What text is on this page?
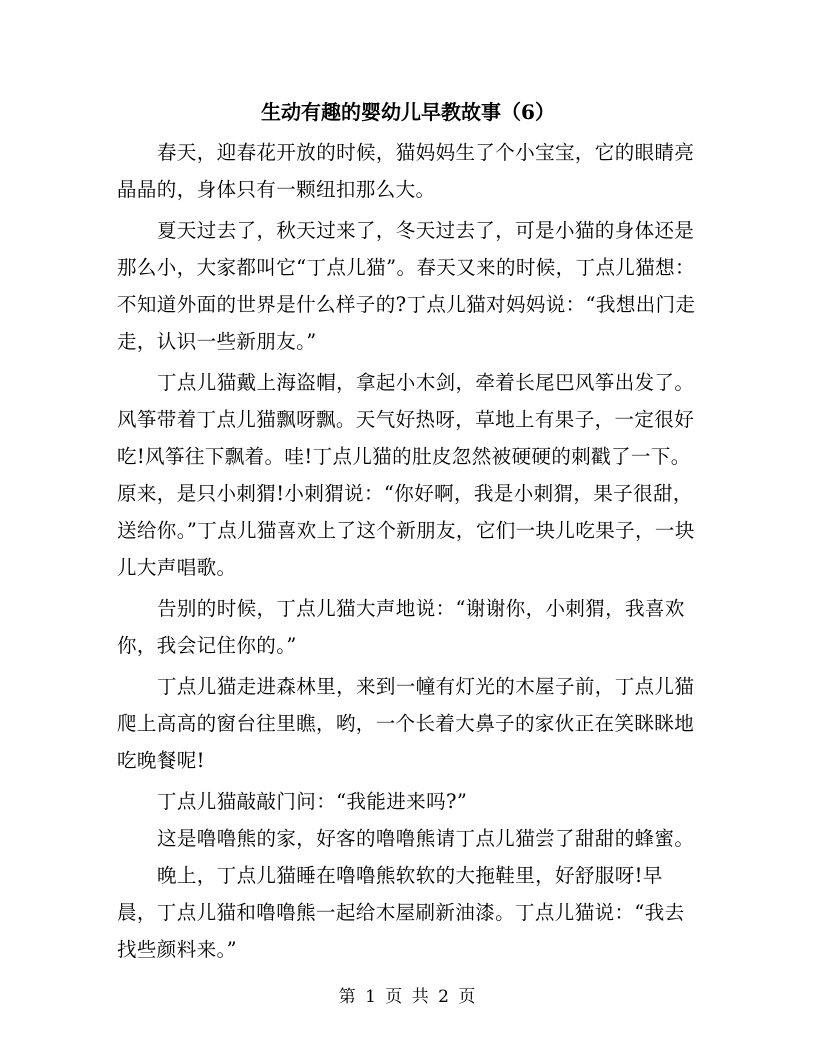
生动有趣的婴幼儿早教故事（6）

春天，迎春花开放的时候，猫妈妈生了个小宝宝，它的眼睛亮晶晶的，身体只有一颗纽扣那么大。

夏天过去了，秋天过来了，冬天过去了，可是小猫的身体还是那么小，大家都叫它“丁点儿猫”。春天又来的时候，丁点儿猫想：不知道外面的世界是什么样子的?丁点儿猫对妈妈说：“我想出门走走，认识一些新朋友。”

丁点儿猫戴上海盗帽，拿起小木剑，牵着长尾巴风筝出发了。风筝带着丁点儿猫飘呀飘。天气好热呀，草地上有果子，一定很好吃!风筝往下飘着。哇!丁点儿猫的肚皮忽然被硬硬的刺戳了一下。原来，是只小刺猬!小刺猬说：“你好啊，我是小刺猬，果子很甜，送给你。”丁点儿猫喜欢上了这个新朋友，它们一块儿吃果子，一块儿大声唱歌。

告别的时候，丁点儿猫大声地说：“谢谢你，小刺猬，我喜欢你，我会记住你的。”

丁点儿猫走进森林里，来到一幢有灯光的木屋子前，丁点儿猫爬上高高的窗台往里瞧，哟，一个长着大鼻子的家伙正在笑眯眯地吃晚餐呢!

丁点儿猫敲敲门问：“我能进来吗?”

这是噜噜熊的家，好客的噜噜熊请丁点儿猫尝了甜甜的蜂蜜。

晚上，丁点儿猫睡在噜噜熊软软的大拖鞋里，好舒服呀!早晨，丁点儿猫和噜噜熊一起给木屋刷新油漆。丁点儿猫说：“我去找些颜料来。”

第 1 页 共 2 页
